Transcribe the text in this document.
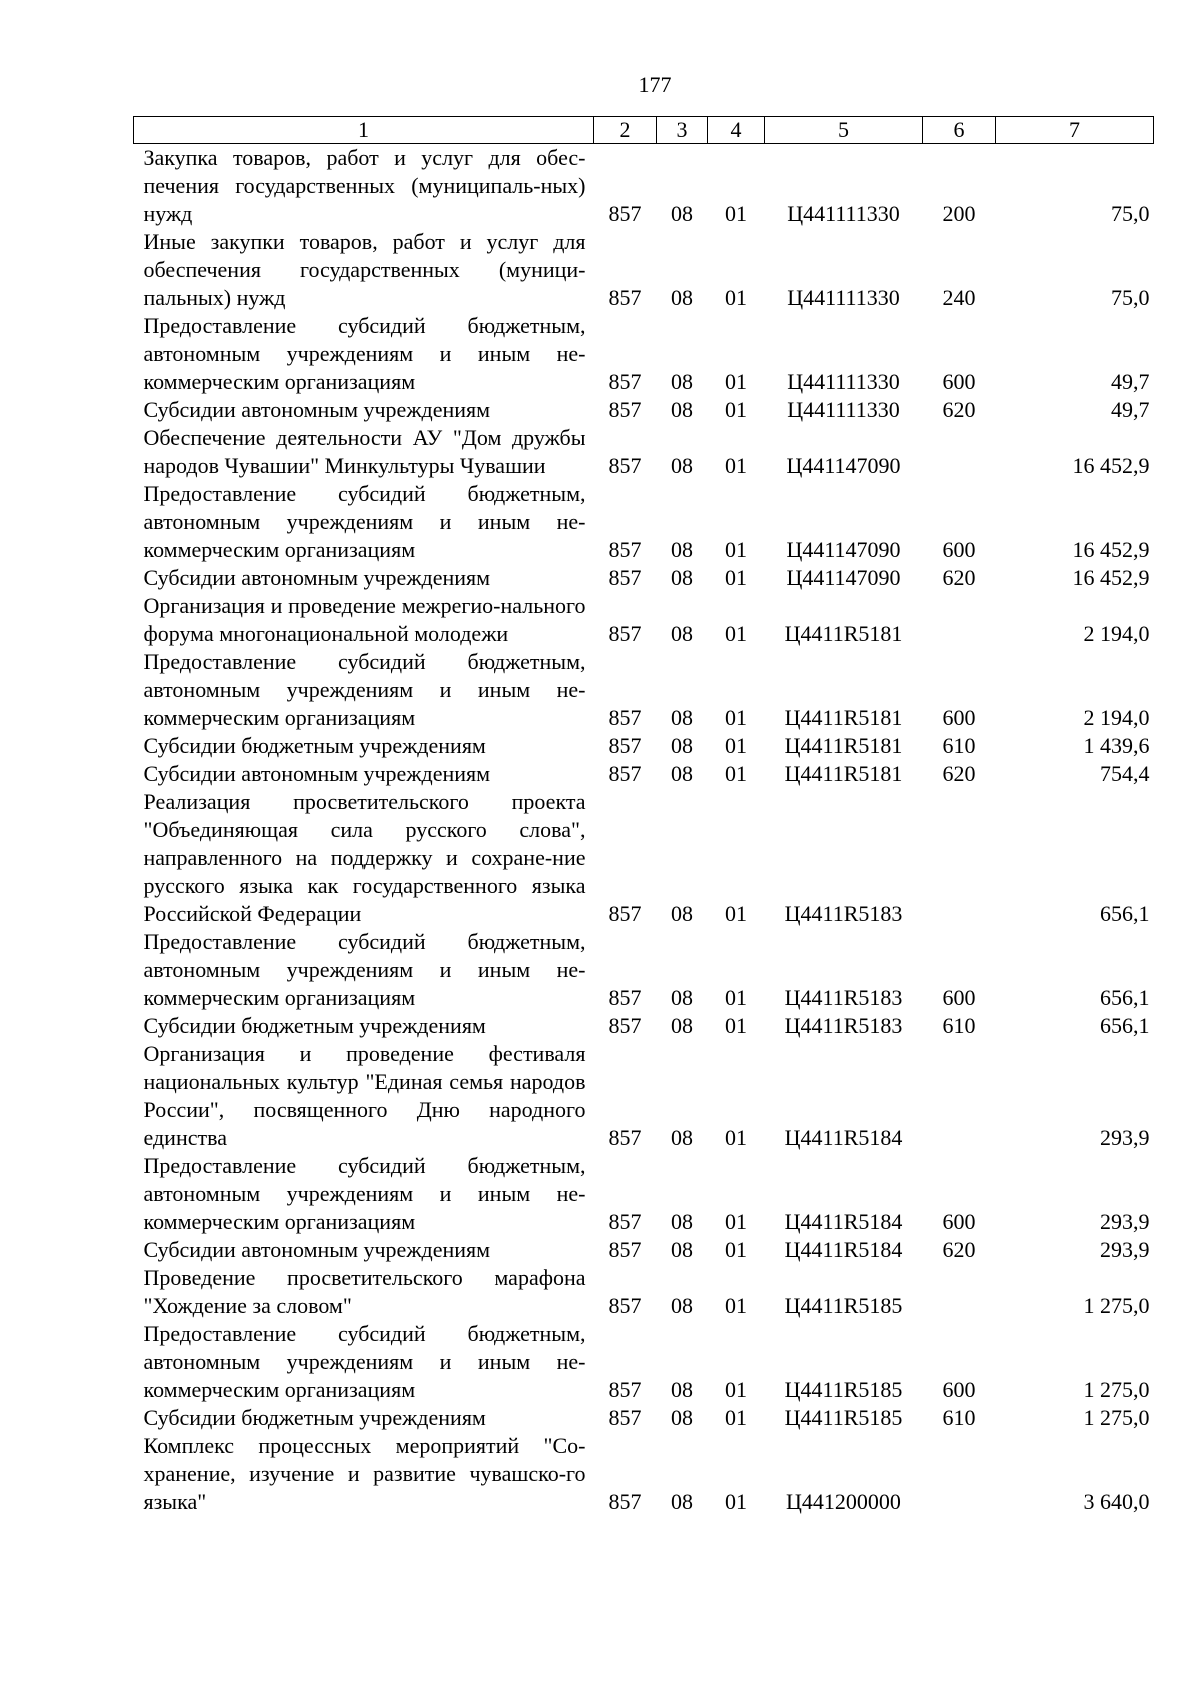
177
1	2	3	4	5	6	7
Закупка товаров, работ и услуг для обес-печения государственных (муниципаль-ных) нужд	857	08	01	Ц441111330	200	75,0
Иные закупки товаров, работ и услуг для обеспечения государственных (муници-пальных) нужд	857	08	01	Ц441111330	240	75,0
Предоставление субсидий бюджетным, автономным учреждениям и иным не-коммерческим организациям	857	08	01	Ц441111330	600	49,7
Субсидии автономным учреждениям	857	08	01	Ц441111330	620	49,7
Обеспечение деятельности АУ "Дом дружбы народов Чувашии" Минкультуры Чувашии	857	08	01	Ц441147090		16 452,9
Предоставление субсидий бюджетным, автономным учреждениям и иным не-коммерческим организациям	857	08	01	Ц441147090	600	16 452,9
Субсидии автономным учреждениям	857	08	01	Ц441147090	620	16 452,9
Организация и проведение межрегио-нального форума многонациональной молодежи	857	08	01	Ц4411R5181		2 194,0
Предоставление субсидий бюджетным, автономным учреждениям и иным не-коммерческим организациям	857	08	01	Ц4411R5181	600	2 194,0
Субсидии бюджетным учреждениям	857	08	01	Ц4411R5181	610	1 439,6
Субсидии автономным учреждениям	857	08	01	Ц4411R5181	620	754,4
Реализация просветительского проекта "Объединяющая сила русского слова", направленного на поддержку и сохране-ние русского языка как государственного языка Российской Федерации	857	08	01	Ц4411R5183		656,1
Предоставление субсидий бюджетным, автономным учреждениям и иным не-коммерческим организациям	857	08	01	Ц4411R5183	600	656,1
Субсидии бюджетным учреждениям	857	08	01	Ц4411R5183	610	656,1
Организация и проведение фестиваля национальных культур "Единая семья народов России", посвященного Дню народного единства	857	08	01	Ц4411R5184		293,9
Предоставление субсидий бюджетным, автономным учреждениям и иным не-коммерческим организациям	857	08	01	Ц4411R5184	600	293,9
Субсидии автономным учреждениям	857	08	01	Ц4411R5184	620	293,9
Проведение просветительского марафона "Хождение за словом"	857	08	01	Ц4411R5185		1 275,0
Предоставление субсидий бюджетным, автономным учреждениям и иным не-коммерческим организациям	857	08	01	Ц4411R5185	600	1 275,0
Субсидии бюджетным учреждениям	857	08	01	Ц4411R5185	610	1 275,0
Комплекс процессных мероприятий "Со-хранение, изучение и развитие чувашско-го языка"	857	08	01	Ц441200000		3 640,0
